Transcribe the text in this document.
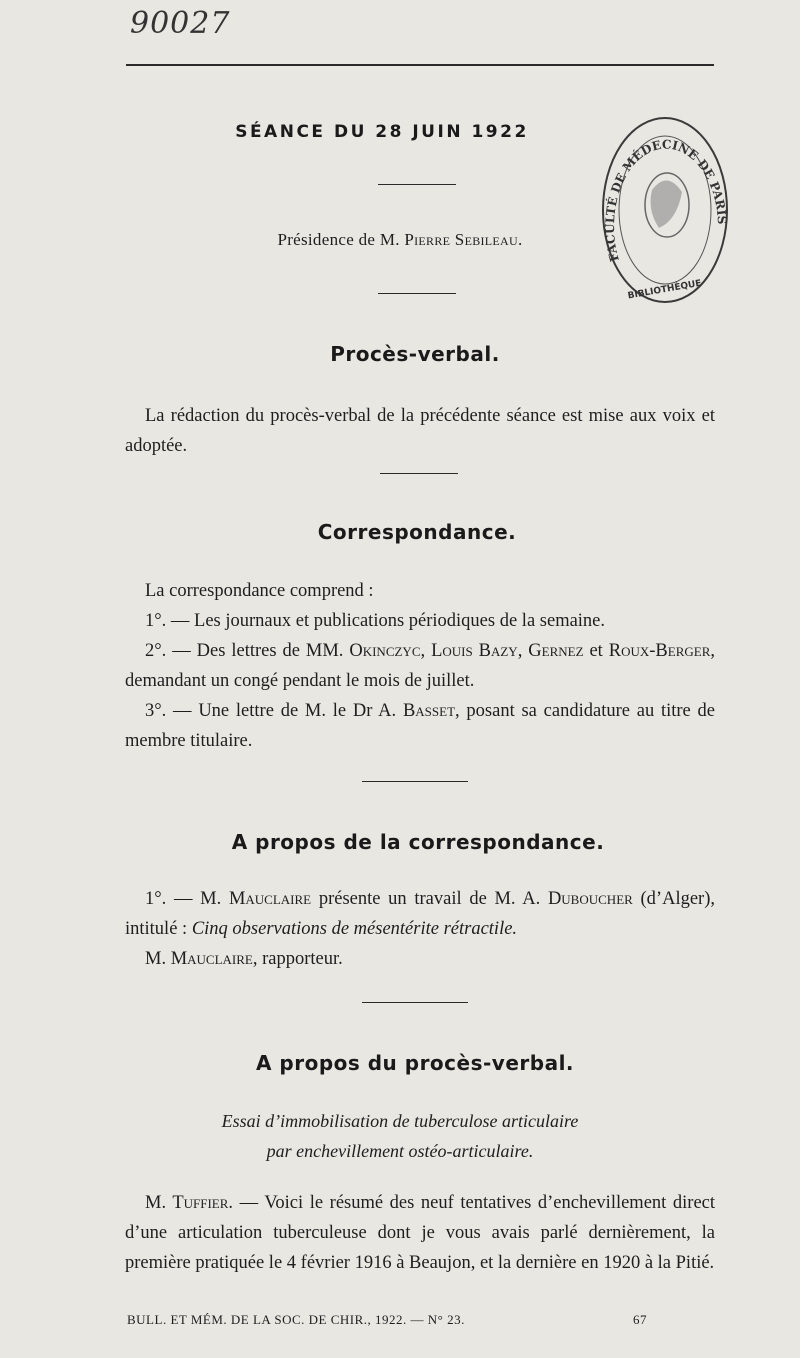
90027
SÉANCE DU 28 JUIN 1922
Présidence de M. Pierre Sebileau.
FACULTÉ DE MÉDECINE DE PARIS
BIBLIOTHÈQUE
Procès-verbal.

La rédaction du procès-verbal de la précédente séance est mise aux voix et adoptée.

Correspondance.

La correspondance comprend :

1°. — Les journaux et publications périodiques de la semaine.

2°. — Des lettres de MM. Okinczyc, Louis Bazy, Gernez et Roux-Berger, demandant un congé pendant le mois de juillet.

3°. — Une lettre de M. le Dr A. Basset, posant sa candidature au titre de membre titulaire.

A propos de la correspondance.

1°. — M. Mauclaire présente un travail de M. A. Duboucher (d’Alger), intitulé : Cinq observations de mésentérite rétractile.

M. Mauclaire, rapporteur.

A propos du procès-verbal.
Essai d’immobilisation de tuberculose articulaire
par enchevillement ostéo-articulaire.

M. Tuffier. — Voici le résumé des neuf tentatives d’enchevillement direct d’une articulation tuberculeuse dont je vous avais parlé dernièrement, la première pratiquée le 4 février 1916 à Beaujon, et la dernière en 1920 à la Pitié.

BULL. ET MÉM. DE LA SOC. DE CHIR., 1922. — N° 23.	67
